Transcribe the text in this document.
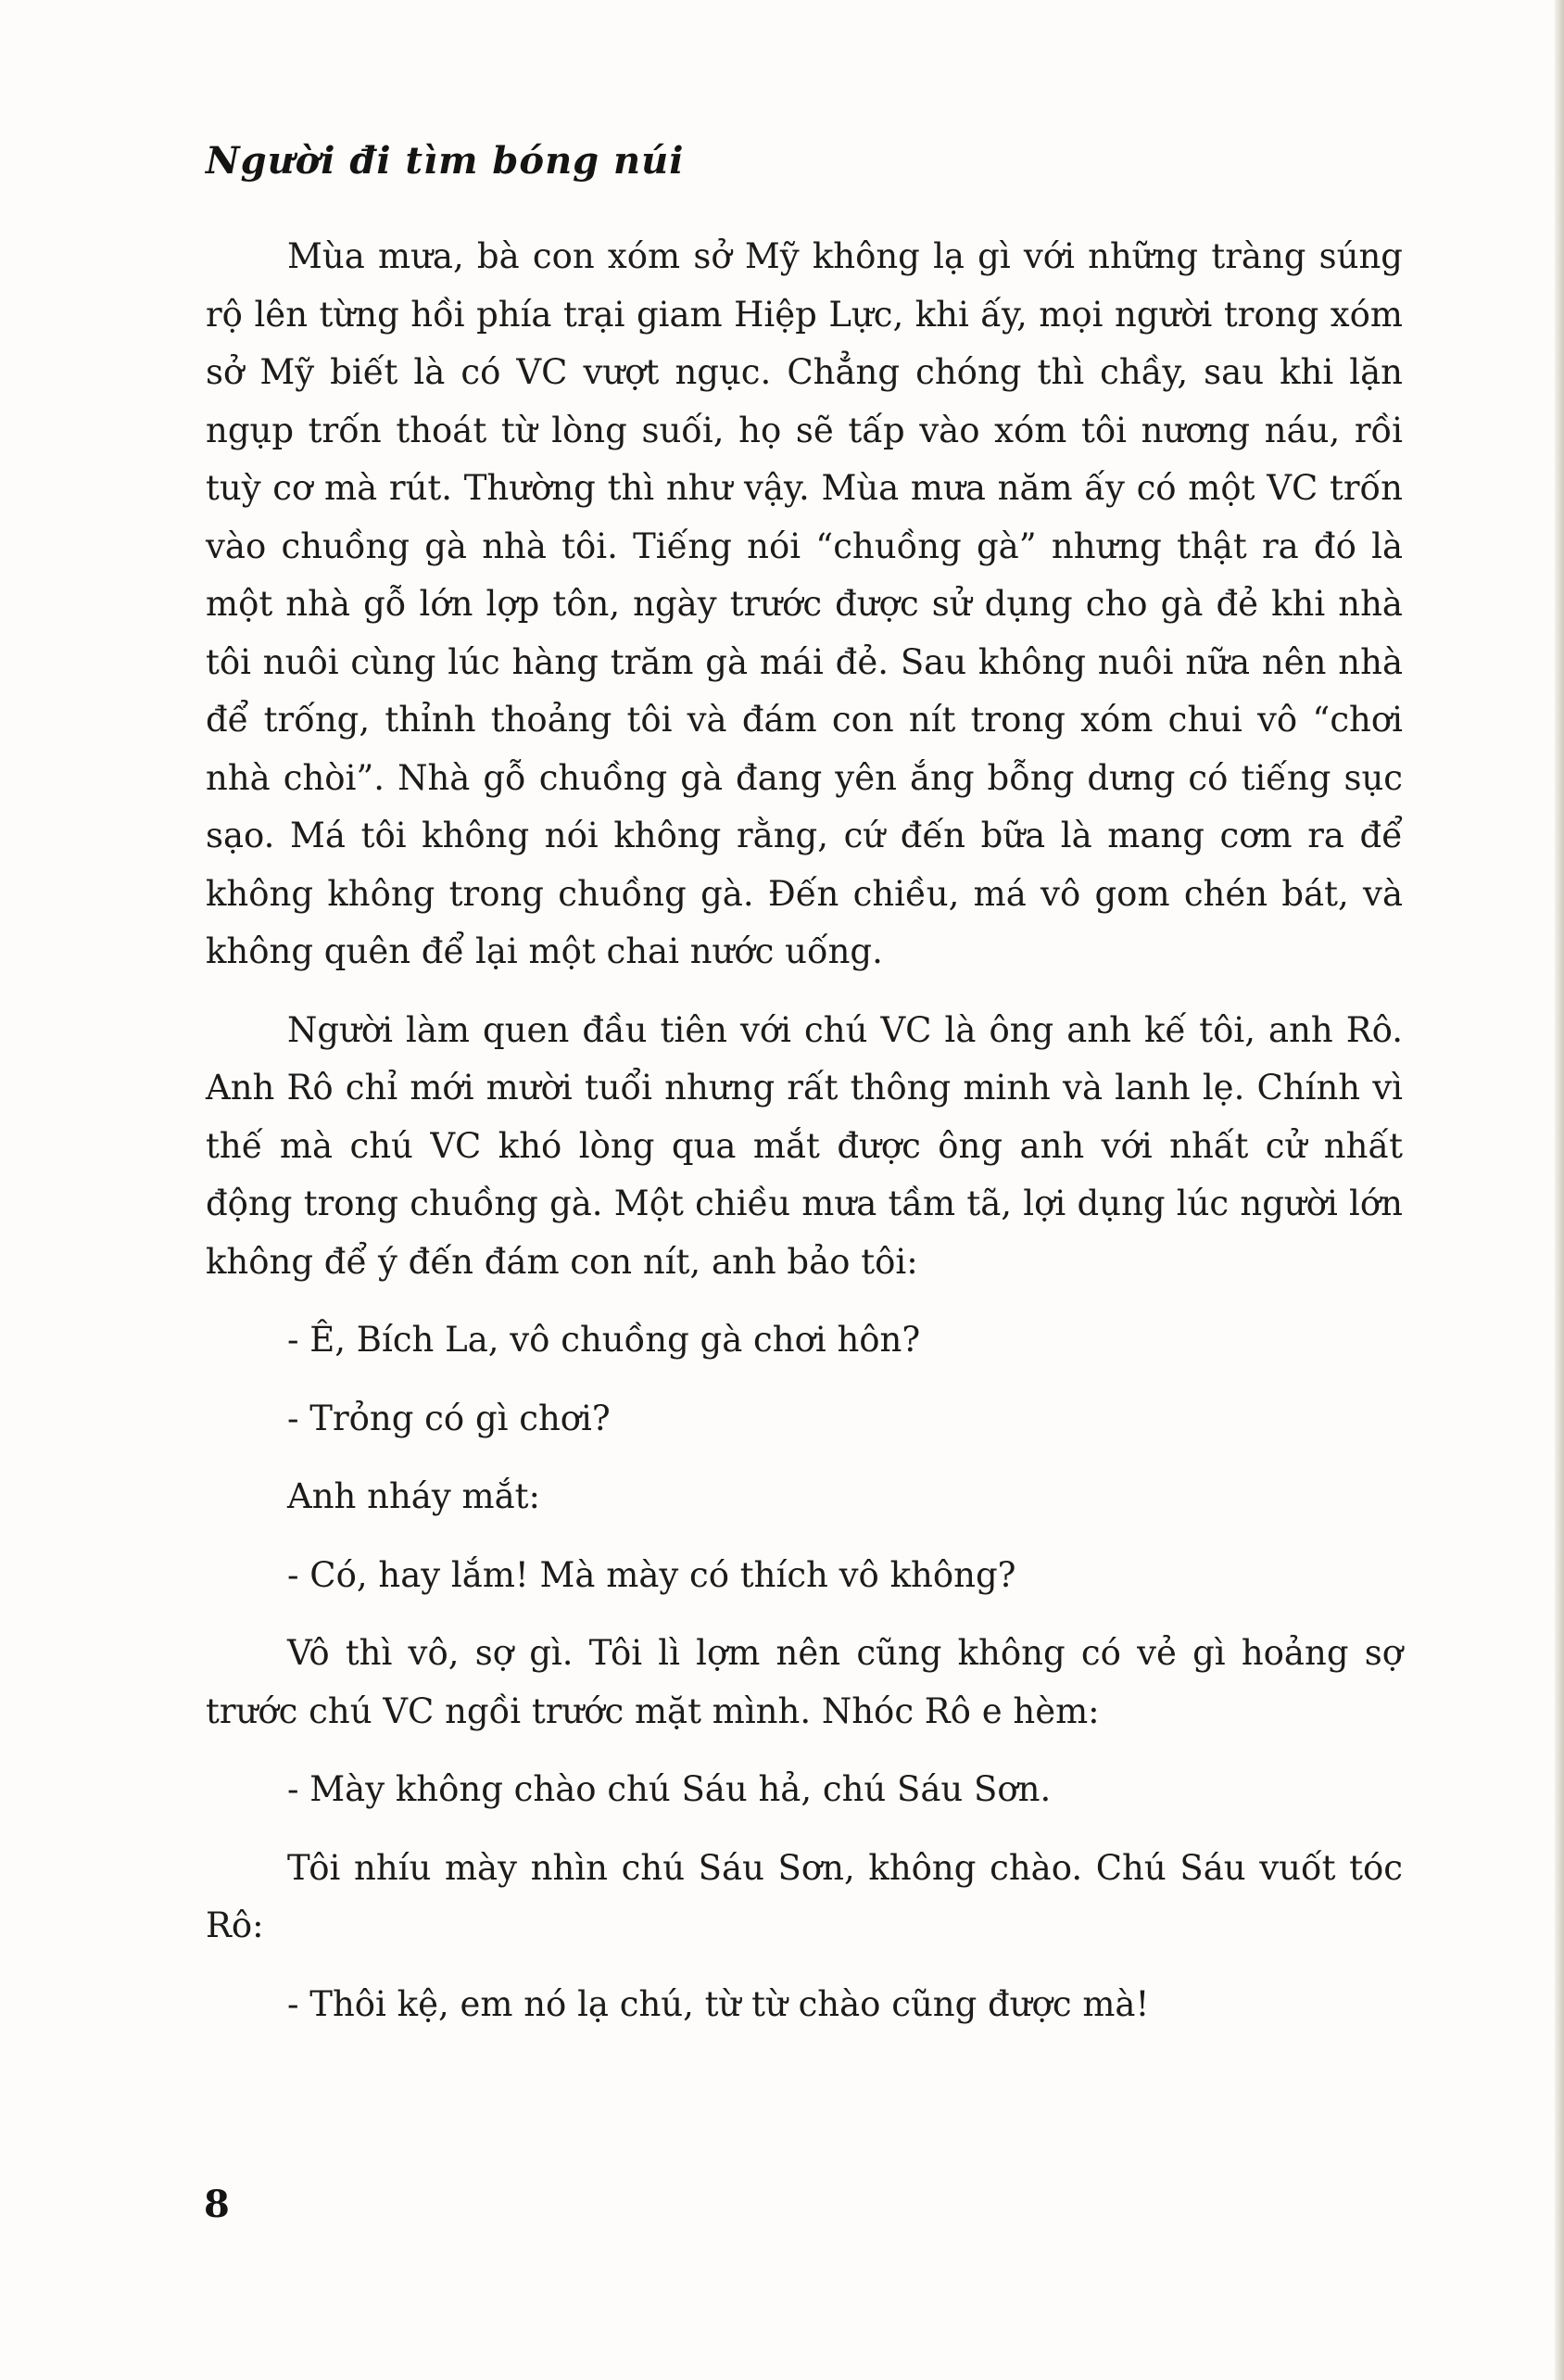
Người đi tìm bóng núi

Mùa mưa, bà con xóm sở Mỹ không lạ gì với những tràng súng rộ lên từng hồi phía trại giam Hiệp Lực, khi ấy, mọi người trong xóm sở Mỹ biết là có VC vượt ngục. Chẳng chóng thì chầy, sau khi lặn ngụp trốn thoát từ lòng suối, họ sẽ tấp vào xóm tôi nương náu, rồi tuỳ cơ mà rút. Thường thì như vậy. Mùa mưa năm ấy có một VC trốn vào chuồng gà nhà tôi. Tiếng nói “chuồng gà” nhưng thật ra đó là một nhà gỗ lớn lợp tôn, ngày trước được sử dụng cho gà đẻ khi nhà tôi nuôi cùng lúc hàng trăm gà mái đẻ. Sau không nuôi nữa nên nhà để trống, thỉnh thoảng tôi và đám con nít trong xóm chui vô “chơi nhà chòi”. Nhà gỗ chuồng gà đang yên ắng bỗng dưng có tiếng sục sạo. Má tôi không nói không rằng, cứ đến bữa là mang cơm ra để không không trong chuồng gà. Đến chiều, má vô gom chén bát, và không quên để lại một chai nước uống.

Người làm quen đầu tiên với chú VC là ông anh kế tôi, anh Rô. Anh Rô chỉ mới mười tuổi nhưng rất thông minh và lanh lẹ. Chính vì thế mà chú VC khó lòng qua mắt được ông anh với nhất cử nhất động trong chuồng gà. Một chiều mưa tầm tã, lợi dụng lúc người lớn không để ý đến đám con nít, anh bảo tôi:

- Ê, Bích La, vô chuồng gà chơi hôn?

- Trỏng có gì chơi?

Anh nháy mắt:

- Có, hay lắm! Mà mày có thích vô không?

Vô thì vô, sợ gì. Tôi lì lợm nên cũng không có vẻ gì hoảng sợ trước chú VC ngồi trước mặt mình. Nhóc Rô e hèm:

- Mày không chào chú Sáu hả, chú Sáu Sơn.

Tôi nhíu mày nhìn chú Sáu Sơn, không chào. Chú Sáu vuốt tóc Rô:

- Thôi kệ, em nó lạ chú, từ từ chào cũng được mà!

8
